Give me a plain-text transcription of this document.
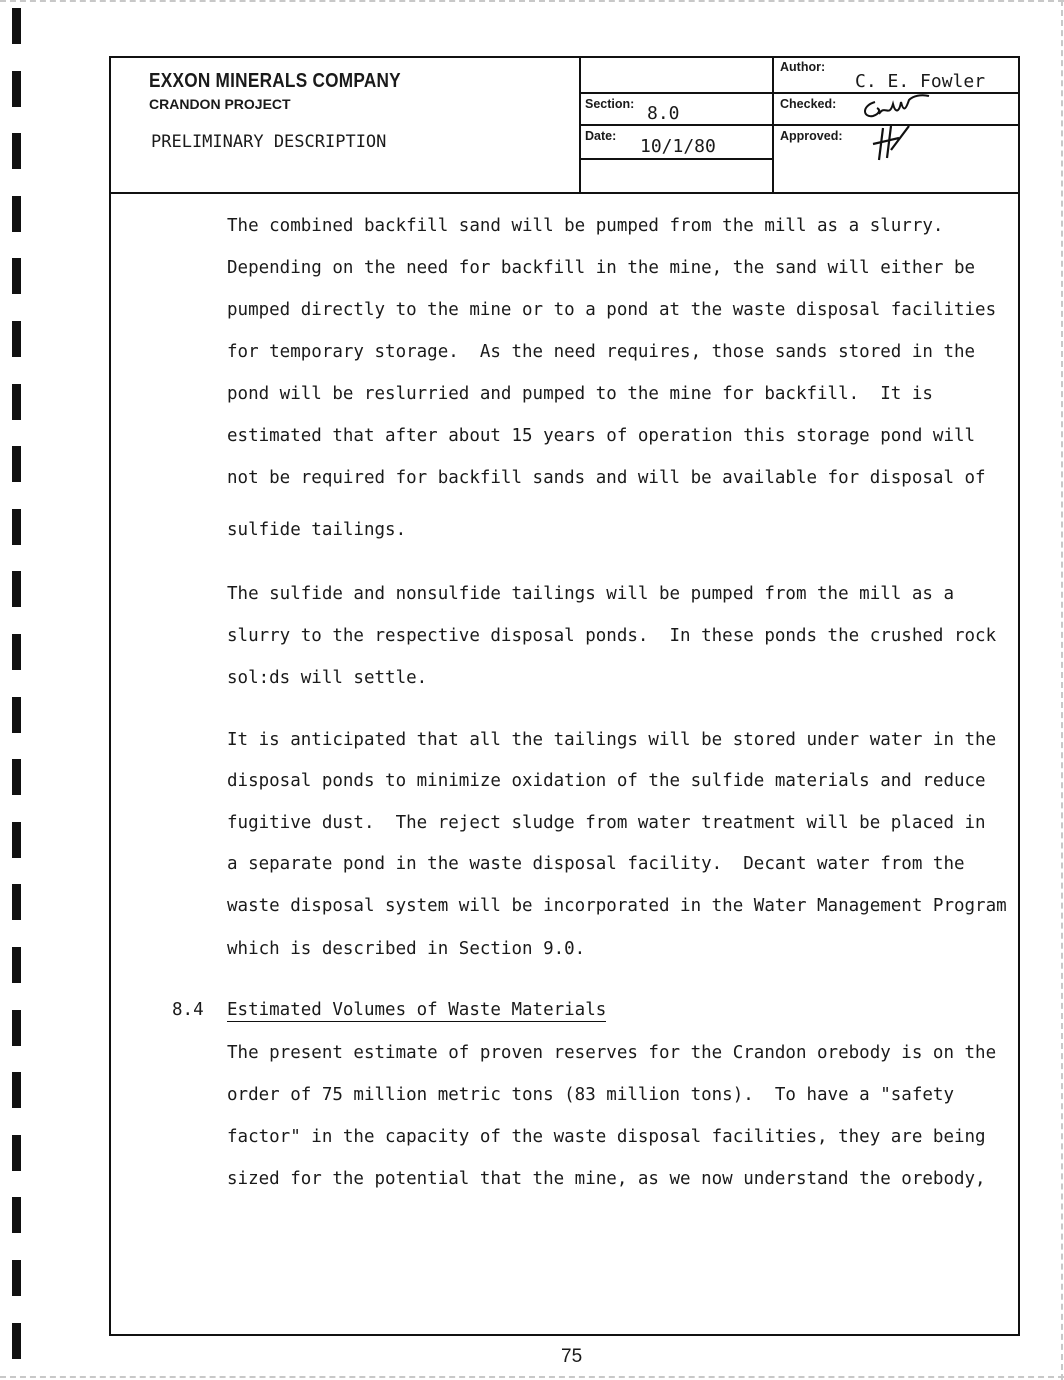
EXXON MINERALS COMPANY
CRANDON PROJECT
PRELIMINARY DESCRIPTION
Author:
C. E. Fowler
Section: 8.0	Checked:
Date: 10/1/80	Approved:
The combined backfill sand will be pumped from the mill as a slurry.
Depending on the need for backfill in the mine, the sand will either be
pumped directly to the mine or to a pond at the waste disposal facilities
for temporary storage.  As the need requires, those sands stored in the
pond will be reslurried and pumped to the mine for backfill.  It is
estimated that after about 15 years of operation this storage pond will
not be required for backfill sands and will be available for disposal of
sulfide tailings.
The sulfide and nonsulfide tailings will be pumped from the mill as a
slurry to the respective disposal ponds.  In these ponds the crushed rock
sol:ds will settle.
It is anticipated that all the tailings will be stored under water in the
disposal ponds to minimize oxidation of the sulfide materials and reduce
fugitive dust.  The reject sludge from water treatment will be placed in
a separate pond in the waste disposal facility.  Decant water from the
waste disposal system will be incorporated in the Water Management Program
which is described in Section 9.0.
8.4 Estimated Volumes of Waste Materials
The present estimate of proven reserves for the Crandon orebody is on the
order of 75 million metric tons (83 million tons).  To have a "safety
factor" in the capacity of the waste disposal facilities, they are being
sized for the potential that the mine, as we now understand the orebody,
75
